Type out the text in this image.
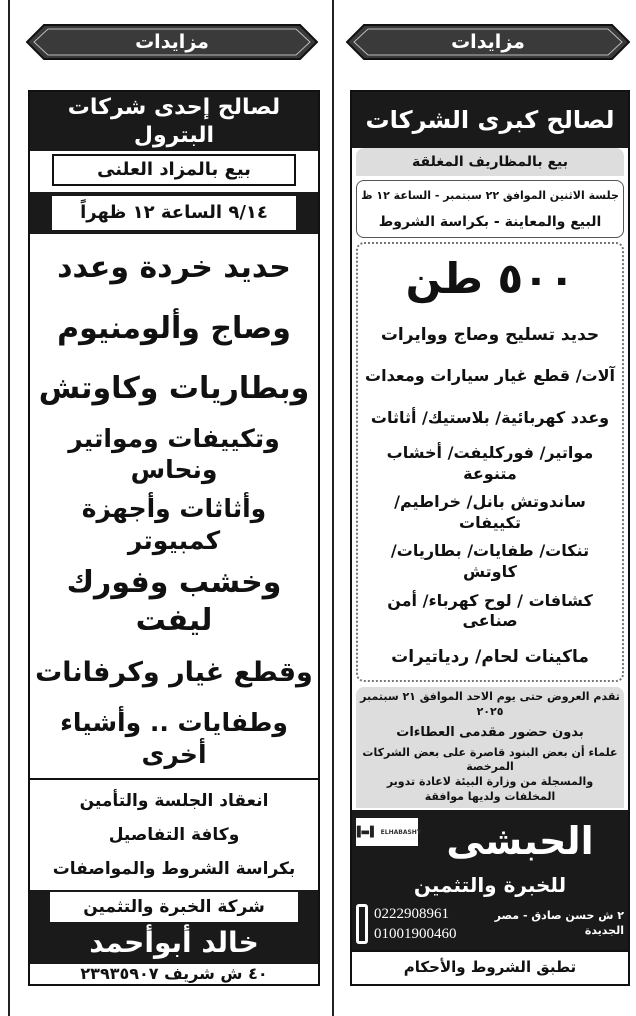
مزايدات
لصالح إحدى شركات البترول
بيع بالمزاد العلنى
٩/١٤ الساعة ١٢ ظهراً
حديد خردة وعدد
وصاج وألومنيوم
وبطاريات وكاوتش
وتكييفات ومواتير ونحاس
وأثاثات وأجهزة كمبيوتر
وخشب وفورك ليفت
وقطع غيار وكرفانات
وطفايات .. وأشياء أخرى
انعقاد الجلسة والتأمين
وكافة التفاصيل
بكراسة الشروط والمواصفات
شركة الخبرة والتثمين
خالد أبوأحمد
٤٠ ش شريف ٢٣٩٣٥٩٠٧
مزايدات
لصالح كبرى الشركات
بيع بالمظاريف المغلقة
جلسة الاثنين الموافق ٢٢ سبتمبر - الساعة ١٢ ظ
البيع والمعاينة - بكراسة الشروط
٥٠٠ طن
حديد تسليح وصاج ووايرات
آلات/ قطع غيار سيارات ومعدات
وعدد كهربائية/ بلاستيك/ أثاثات
مواتير/ فوركليفت/ أخشاب متنوعة
ساندوتش بانل/ خراطيم/ تكييفات
تنكات/ طفايات/ بطاريات/ كاوتش
كشافات / لوح كهرباء/ أمن صناعى
ماكينات لحام/ ردياتيرات
تقدم العروض حتى يوم الاحد الموافق ٢١ سبتمبر ٢٠٢٥
بدون حضور مقدمى العطاءات
علماء أن بعض البنود قاصرة على بعض الشركات المرخصة
والمسجلة من وزارة البيئة لاعادة تدوير المخلفات ولديها موافقة
▐▬▌ ELHABASHY الحبشى
للخبرة والتثمين
0222908961
01001900460
٢ ش حسن صادق - مصر الجديدة
تطبق الشروط والأحكام
